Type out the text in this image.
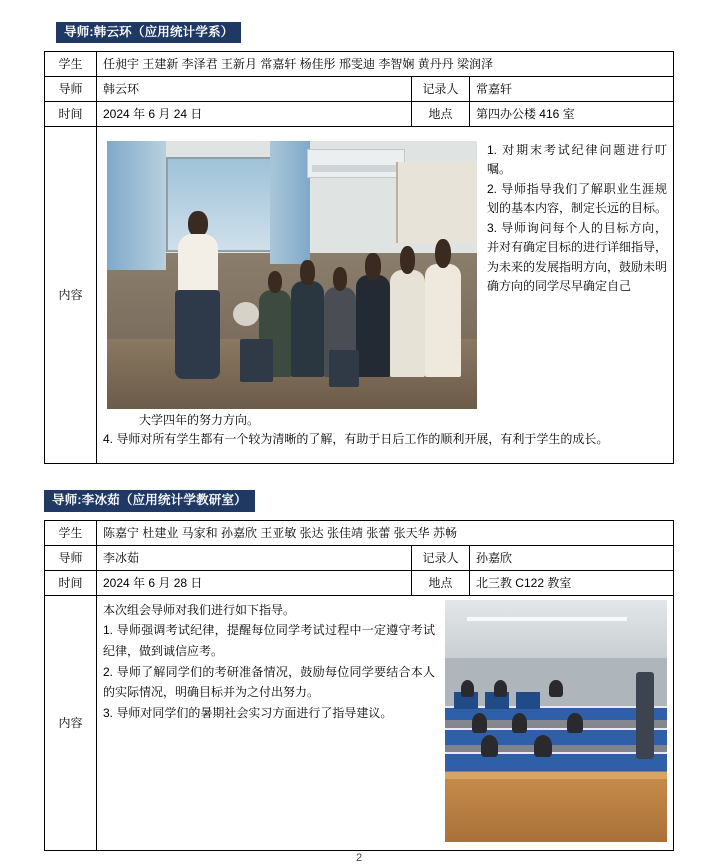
导师:韩云环（应用统计学系）
学生	任昶宇 王建新 李泽君 王新月 常嘉轩 杨佳彤 邢雯迪 李智娴 黄丹丹 梁润泽		
导师	韩云环	记录人	常嘉轩
时间	2024 年 6 月 24 日	地点	第四办公楼 416 室
内容	1. 对期末考试纪律问题进行叮嘱。
2. 导师指导我们了解职业生涯规划的基本内容，制定长远的目标。
3. 导师询问每个人的目标方向，并对有确定目标的进行详细指导，为未来的发展指明方向，鼓励未明确方向的同学尽早确定自己
大学四年的努力方向。
4. 导师对所有学生都有一个较为清晰的了解，有助于日后工作的顺利开展，有利于学生的成长。		
导师:李冰茹（应用统计学教研室）
学生	陈嘉宁 杜建业 马家和 孙嘉欣 王亚敏 张达 张佳靖 张蕾 张天华 苏畅		
导师	李冰茹	记录人	孙嘉欣
时间	2024 年 6 月 28 日	地点	北三教 C122 教室
内容	本次组会导师对我们进行如下指导。
1. 导师强调考试纪律，提醒每位同学考试过程中一定遵守考试纪律，做到诚信应考。
2. 导师了解同学们的考研准备情况，鼓励每位同学要结合本人的实际情况，明确目标并为之付出努力。
3. 导师对同学们的暑期社会实习方面进行了指导建议。		
2
